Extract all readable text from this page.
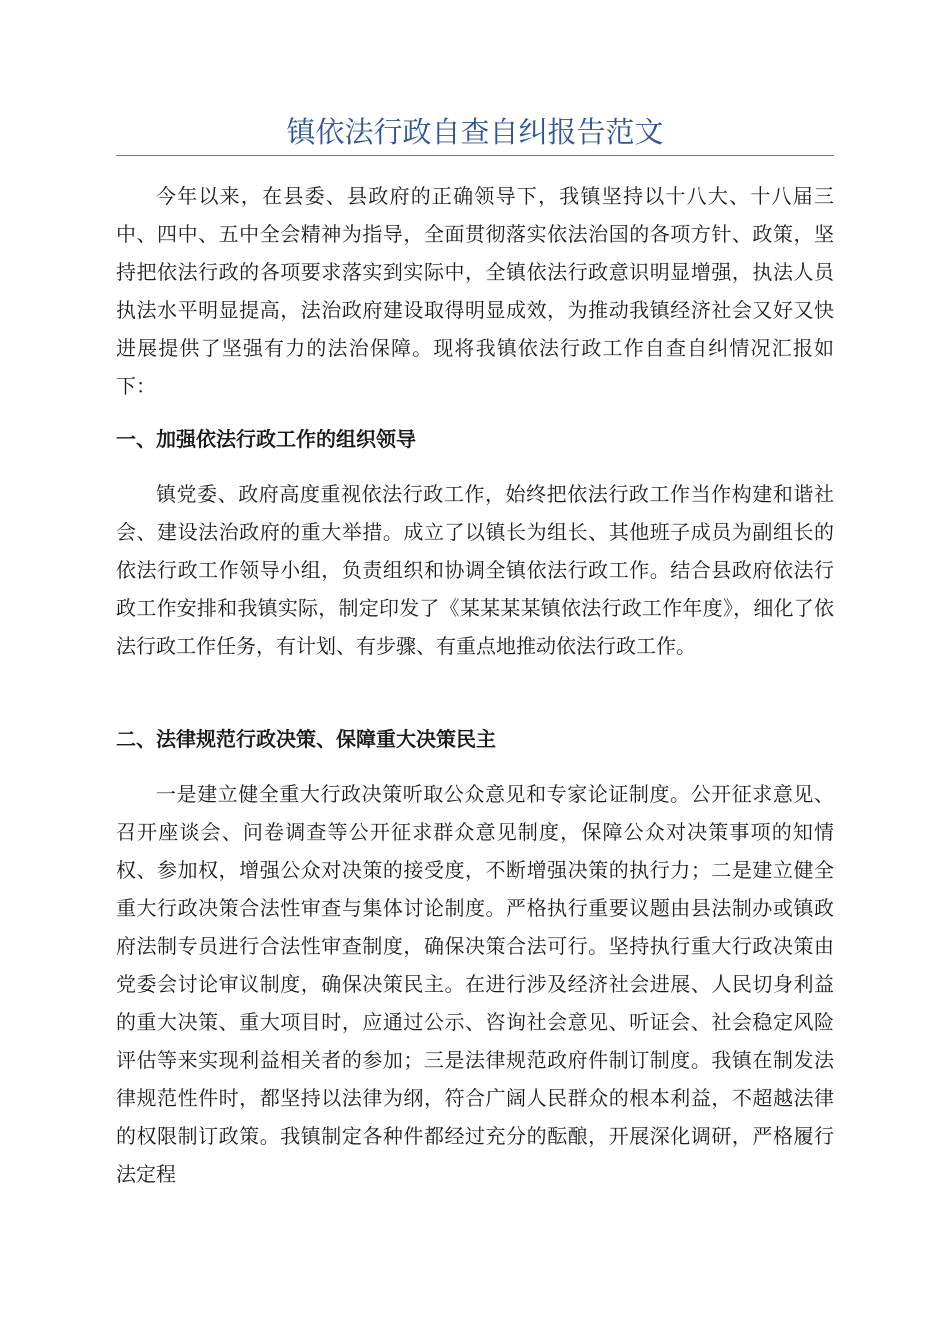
镇依法行政自查自纠报告范文

今年以来，在县委、县政府的正确领导下，我镇坚持以十八大、十八届三中、四中、五中全会精神为指导，全面贯彻落实依法治国的各项方针、政策，坚持把依法行政的各项要求落实到实际中，全镇依法行政意识明显增强，执法人员执法水平明显提高，法治政府建设取得明显成效，为推动我镇经济社会又好又快进展提供了坚强有力的法治保障。现将我镇依法行政工作自查自纠情况汇报如下：

一、加强依法行政工作的组织领导

镇党委、政府高度重视依法行政工作，始终把依法行政工作当作构建和谐社会、建设法治政府的重大举措。成立了以镇长为组长、其他班子成员为副组长的依法行政工作领导小组，负责组织和协调全镇依法行政工作。结合县政府依法行政工作安排和我镇实际，制定印发了《某某某某镇依法行政工作年度》，细化了依法行政工作任务，有计划、有步骤、有重点地推动依法行政工作。

二、法律规范行政决策、保障重大决策民主

一是建立健全重大行政决策听取公众意见和专家论证制度。公开征求意见、召开座谈会、问卷调查等公开征求群众意见制度，保障公众对决策事项的知情权、参加权，增强公众对决策的接受度，不断增强决策的执行力；二是建立健全重大行政决策合法性审查与集体讨论制度。严格执行重要议题由县法制办或镇政府法制专员进行合法性审查制度，确保决策合法可行。坚持执行重大行政决策由党委会讨论审议制度，确保决策民主。在进行涉及经济社会进展、人民切身利益的重大决策、重大项目时，应通过公示、咨询社会意见、听证会、社会稳定风险评估等来实现利益相关者的参加；三是法律规范政府件制订制度。我镇在制发法律规范性件时，都坚持以法律为纲，符合广阔人民群众的根本利益，不超越法律的权限制订政策。我镇制定各种件都经过充分的酝酿，开展深化调研，严格履行法定程
